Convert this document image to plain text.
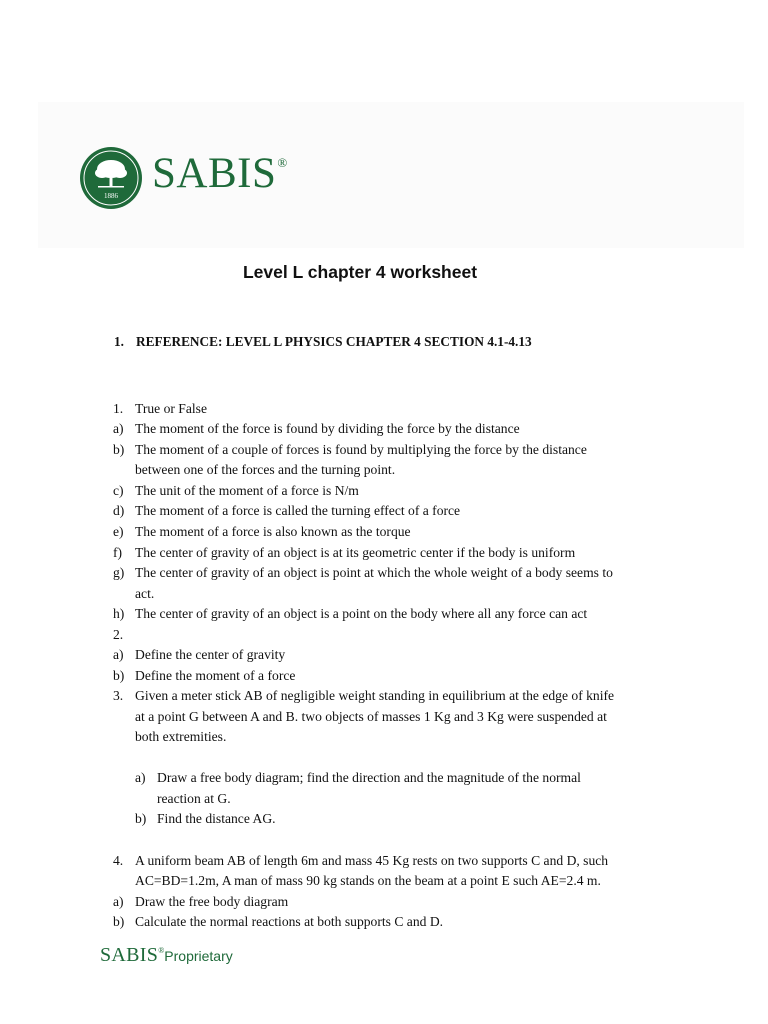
1886 SABIS®
Level L chapter 4 worksheet
1. REFERENCE: LEVEL L PHYSICS CHAPTER 4 SECTION 4.1-4.13
1. True or False
a) The moment of the force is found by dividing the force by the distance
b) The moment of a couple of forces is found by multiplying the force by the distance
between one of the forces and the turning point.
c) The unit of the moment of a force is N/m
d) The moment of a force is called the turning effect of a force
e) The moment of a force is also known as the torque
f) The center of gravity of an object is at its geometric center if the body is uniform
g) The center of gravity of an object is point at which the whole weight of a body seems to
act.
h) The center of gravity of an object is a point on the body where all any force can act
2.
a) Define the center of gravity
b) Define the moment of a force
3. Given a meter stick AB of negligible weight standing in equilibrium at the edge of knife
at a point G between A and B. two objects of masses 1 Kg and 3 Kg were suspended at
both extremities.
a) Draw a free body diagram; find the direction and the magnitude of the normal
reaction at G.
b) Find the distance AG.
4. A uniform beam AB of length 6m and mass 45 Kg rests on two supports C and D, such
AC=BD=1.2m, A man of mass 90 kg stands on the beam at a point E such AE=2.4 m.
a) Draw the free body diagram
b) Calculate the normal reactions at both supports C and D.
SABIS®Proprietary
